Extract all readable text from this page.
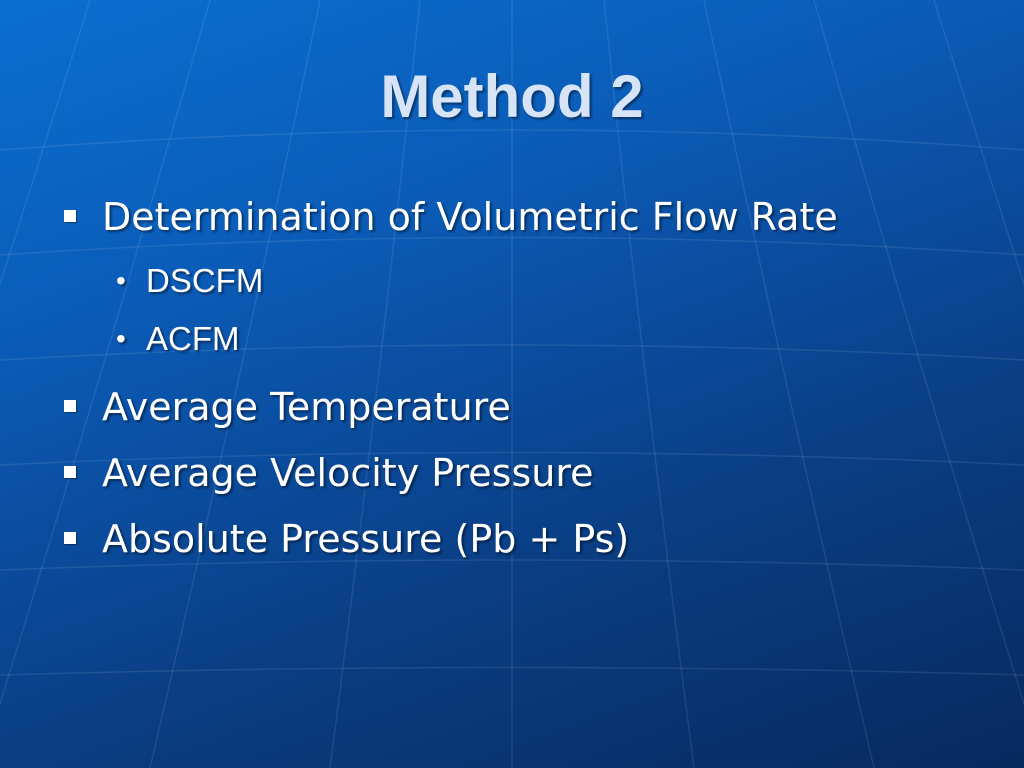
Method 2

Determination of Volumetric Flow Rate

• DSCFM

• ACFM

Average Temperature

Average Velocity Pressure

Absolute Pressure (Pb + Ps)
